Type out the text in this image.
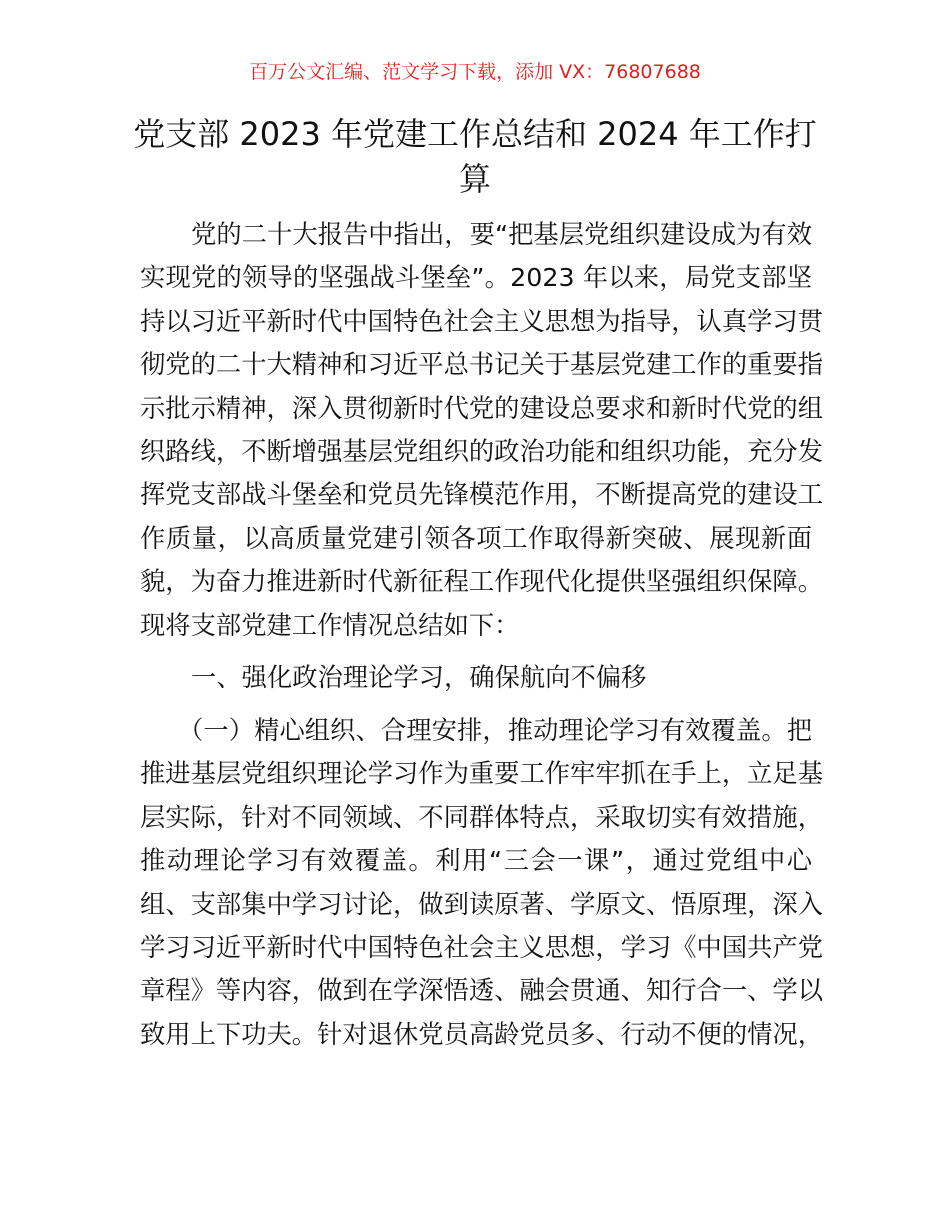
百万公文汇编、范文学习下载，添加 VX：76807688
党支部 2023 年党建工作总结和 2024 年工作打
算
党的二十大报告中指出，要“把基层党组织建设成为有效
实现党的领导的坚强战斗堡垒”。2023 年以来，局党支部坚
持以习近平新时代中国特色社会主义思想为指导，认真学习贯
彻党的二十大精神和习近平总书记关于基层党建工作的重要指
示批示精神，深入贯彻新时代党的建设总要求和新时代党的组
织路线，不断增强基层党组织的政治功能和组织功能，充分发
挥党支部战斗堡垒和党员先锋模范作用，不断提高党的建设工
作质量，以高质量党建引领各项工作取得新突破、展现新面
貌，为奋力推进新时代新征程工作现代化提供坚强组织保障。
现将支部党建工作情况总结如下：
一、强化政治理论学习，确保航向不偏移
（一）精心组织、合理安排，推动理论学习有效覆盖。把
推进基层党组织理论学习作为重要工作牢牢抓在手上，立足基
层实际，针对不同领域、不同群体特点，采取切实有效措施，
推动理论学习有效覆盖。利用“三会一课”，通过党组中心
组、支部集中学习讨论，做到读原著、学原文、悟原理，深入
学习习近平新时代中国特色社会主义思想，学习《中国共产党
章程》等内容，做到在学深悟透、融会贯通、知行合一、学以
致用上下功夫。针对退休党员高龄党员多、行动不便的情况，
